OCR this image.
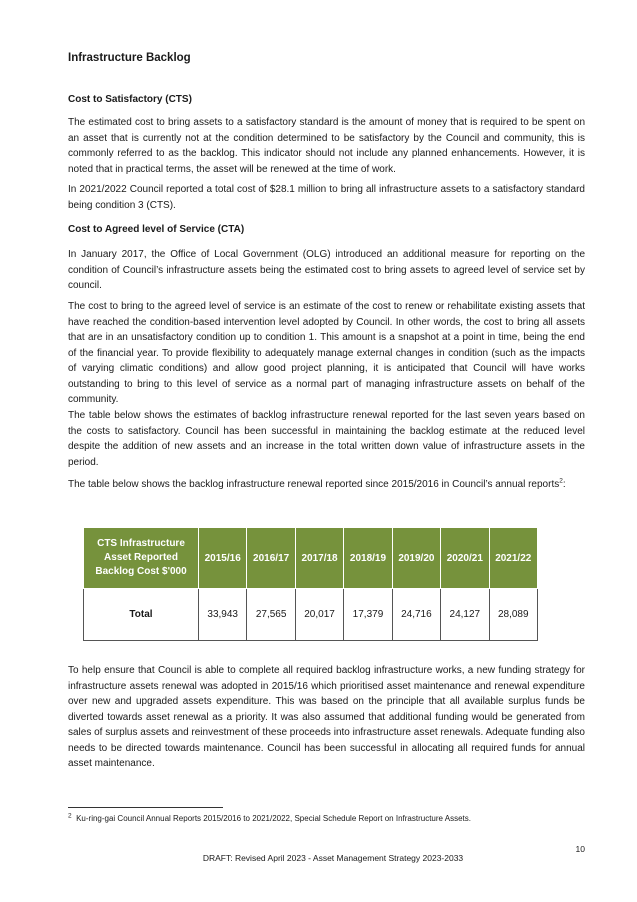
Infrastructure Backlog
Cost to Satisfactory (CTS)

The estimated cost to bring assets to a satisfactory standard is the amount of money that is required to be spent on an asset that is currently not at the condition determined to be satisfactory by the Council and community, this is commonly referred to as the backlog. This indicator should not include any planned enhancements. However, it is noted that in practical terms, the asset will be renewed at the time of work.

In 2021/2022 Council reported a total cost of $28.1 million to bring all infrastructure assets to a satisfactory standard being condition 3 (CTS).

Cost to Agreed level of Service (CTA)

In January 2017, the Office of Local Government (OLG) introduced an additional measure for reporting on the condition of Council’s infrastructure assets being the estimated cost to bring assets to agreed level of service set by council.

The cost to bring to the agreed level of service is an estimate of the cost to renew or rehabilitate existing assets that have reached the condition-based intervention level adopted by Council. In other words, the cost to bring all assets that are in an unsatisfactory condition up to condition 1. This amount is a snapshot at a point in time, being the end of the financial year. To provide flexibility to adequately manage external changes in condition (such as the impacts of varying climatic conditions) and allow good project planning, it is anticipated that Council will have works outstanding to bring to this level of service as a normal part of managing infrastructure assets on behalf of the community.

The table below shows the estimates of backlog infrastructure renewal reported for the last seven years based on the costs to satisfactory. Council has been successful in maintaining the backlog estimate at the reduced level despite the addition of new assets and an increase in the total written down value of infrastructure assets in the period.

The table below shows the backlog infrastructure renewal reported since 2015/2016 in Council’s annual reports$^2$:

CTS Infrastructure Asset Reported Backlog Cost $'000	2015/16	2016/17	2017/18	2018/19	2019/20	2020/21	2021/22
Total	33,943	27,565	20,017	17,379	24,716	24,127	28,089

To help ensure that Council is able to complete all required backlog infrastructure works, a new funding strategy for infrastructure assets renewal was adopted in 2015/16 which prioritised asset maintenance and renewal expenditure over new and upgraded assets expenditure. This was based on the principle that all available surplus funds be diverted towards asset renewal as a priority. It was also assumed that additional funding would be generated from sales of surplus assets and reinvestment of these proceeds into infrastructure asset renewals. Adequate funding also needs to be directed towards maintenance. Council has been successful in allocating all required funds for annual asset maintenance.

$^2$ Ku-ring-gai Council Annual Reports 2015/2016 to 2021/2022, Special Schedule Report on Infrastructure Assets.
10
DRAFT: Revised April 2023 - Asset Management Strategy 2023-2033
